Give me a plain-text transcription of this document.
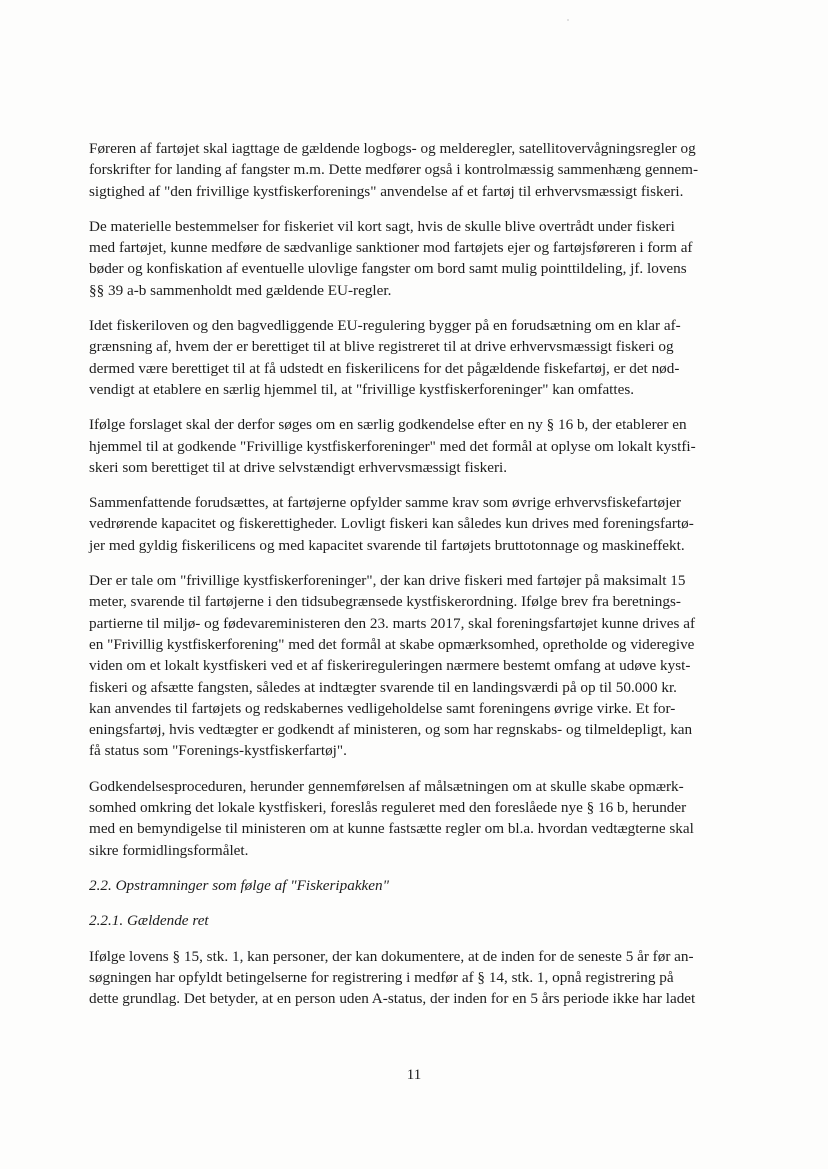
Føreren af fartøjet skal iagttage de gældende logbogs- og melderegler, satellitovervågningsregler og
forskrifter for landing af fangster m.m. Dette medfører også i kontrolmæssig sammenhæng gennem-
sigtighed af "den frivillige kystfiskerforenings" anvendelse af et fartøj til erhvervsmæssigt fiskeri.

De materielle bestemmelser for fiskeriet vil kort sagt, hvis de skulle blive overtrådt under fiskeri
med fartøjet, kunne medføre de sædvanlige sanktioner mod fartøjets ejer og fartøjsføreren i form af
bøder og konfiskation af eventuelle ulovlige fangster om bord samt mulig pointtildeling, jf. lovens
§§ 39 a-b sammenholdt med gældende EU-regler.

Idet fiskeriloven og den bagvedliggende EU-regulering bygger på en forudsætning om en klar af-
grænsning af, hvem der er berettiget til at blive registreret til at drive erhvervsmæssigt fiskeri og
dermed være berettiget til at få udstedt en fiskerilicens for det pågældende fiskefartøj, er det nød-
vendigt at etablere en særlig hjemmel til, at "frivillige kystfiskerforeninger" kan omfattes.

Ifølge forslaget skal der derfor søges om en særlig godkendelse efter en ny § 16 b, der etablerer en
hjemmel til at godkende "Frivillige kystfiskerforeninger" med det formål at oplyse om lokalt kystfi-
skeri som berettiget til at drive selvstændigt erhvervsmæssigt fiskeri.

Sammenfattende forudsættes, at fartøjerne opfylder samme krav som øvrige erhvervsfiskefartøjer
vedrørende kapacitet og fiskerettigheder. Lovligt fiskeri kan således kun drives med foreningsfartø-
jer med gyldig fiskerilicens og med kapacitet svarende til fartøjets bruttotonnage og maskineffekt.

Der er tale om "frivillige kystfiskerforeninger", der kan drive fiskeri med fartøjer på maksimalt 15
meter, svarende til fartøjerne i den tidsubegrænsede kystfiskerordning. Ifølge brev fra beretnings-
partierne til miljø- og fødevareministeren den 23. marts 2017, skal foreningsfartøjet kunne drives af
en "Frivillig kystfiskerforening" med det formål at skabe opmærksomhed, opretholde og videregive
viden om et lokalt kystfiskeri ved et af fiskerireguleringen nærmere bestemt omfang at udøve kyst-
fiskeri og afsætte fangsten, således at indtægter svarende til en landingsværdi på op til 50.000 kr.
kan anvendes til fartøjets og redskabernes vedligeholdelse samt foreningens øvrige virke. Et for-
eningsfartøj, hvis vedtægter er godkendt af ministeren, og som har regnskabs- og tilmeldepligt, kan
få status som "Forenings-kystfiskerfartøj".

Godkendelsesproceduren, herunder gennemførelsen af målsætningen om at skulle skabe opmærk-
somhed omkring det lokale kystfiskeri, foreslås reguleret med den foreslåede nye § 16 b, herunder
med en bemyndigelse til ministeren om at kunne fastsætte regler om bl.a. hvordan vedtægterne skal
sikre formidlingsformålet.

2.2. Opstramninger som følge af "Fiskeripakken"

2.2.1. Gældende ret

Ifølge lovens § 15, stk. 1, kan personer, der kan dokumentere, at de inden for de seneste 5 år før an-
søgningen har opfyldt betingelserne for registrering i medfør af § 14, stk. 1, opnå registrering på
dette grundlag. Det betyder, at en person uden A-status, der inden for en 5 års periode ikke har ladet

11
